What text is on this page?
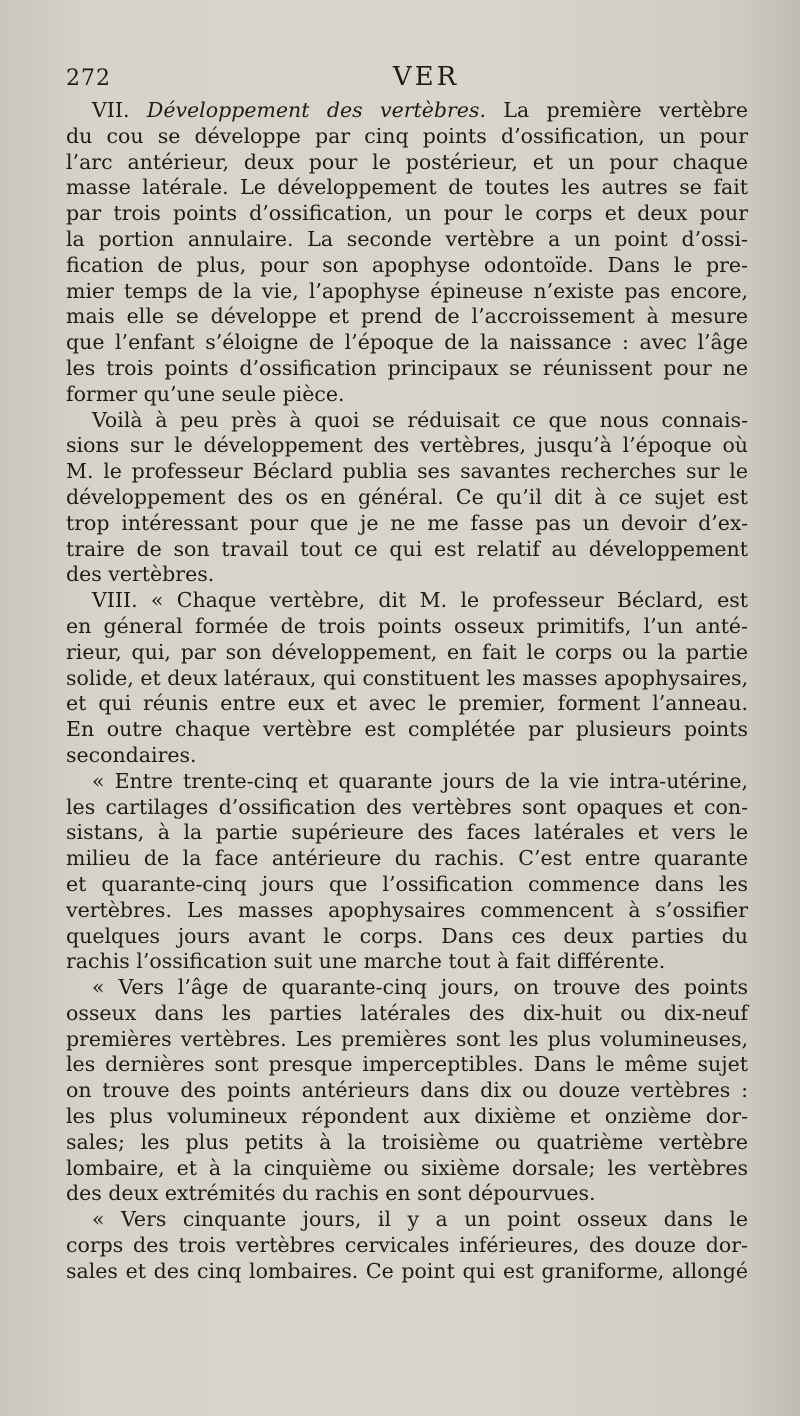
272	VER
VII. Développement des vertèbres. La première vertèbre
du cou se développe par cinq points d’ossification, un pour
l’arc antérieur, deux pour le postérieur, et un pour chaque
masse latérale. Le développement de toutes les autres se fait
par trois points d’ossification, un pour le corps et deux pour
la portion annulaire. La seconde vertèbre a un point d’ossi-
fication de plus, pour son apophyse odontoïde. Dans le pre-
mier temps de la vie, l’apophyse épineuse n’existe pas encore,
mais elle se développe et prend de l’accroissement à mesure
que l’enfant s’éloigne de l’époque de la naissance : avec l’âge
les trois points d’ossification principaux se réunissent pour ne
former qu’une seule pièce.
Voilà à peu près à quoi se réduisait ce que nous connais-
sions sur le développement des vertèbres, jusqu’à l’époque où
M. le professeur Béclard publia ses savantes recherches sur le
développement des os en général. Ce qu’il dit à ce sujet est
trop intéressant pour que je ne me fasse pas un devoir d’ex-
traire de son travail tout ce qui est relatif au développement
des vertèbres.
VIII. « Chaque vertèbre, dit M. le professeur Béclard, est
en géneral formée de trois points osseux primitifs, l’un anté-
rieur, qui, par son développement, en fait le corps ou la partie
solide, et deux latéraux, qui constituent les masses apophysaires,
et qui réunis entre eux et avec le premier, forment l’anneau.
En outre chaque vertèbre est complétée par plusieurs points
secondaires.
« Entre trente-cinq et quarante jours de la vie intra-utérine,
les cartilages d’ossification des vertèbres sont opaques et con-
sistans, à la partie supérieure des faces latérales et vers le
milieu de la face antérieure du rachis. C’est entre quarante
et quarante-cinq jours que l’ossification commence dans les
vertèbres. Les masses apophysaires commencent à s’ossifier
quelques jours avant le corps. Dans ces deux parties du
rachis l’ossification suit une marche tout à fait différente.
« Vers l’âge de quarante-cinq jours, on trouve des points
osseux dans les parties latérales des dix-huit ou dix-neuf
premières vertèbres. Les premières sont les plus volumineuses,
les dernières sont presque imperceptibles. Dans le même sujet
on trouve des points antérieurs dans dix ou douze vertèbres :
les plus volumineux répondent aux dixième et onzième dor-
sales; les plus petits à la troisième ou quatrième vertèbre
lombaire, et à la cinquième ou sixième dorsale; les vertèbres
des deux extrémités du rachis en sont dépourvues.
« Vers cinquante jours, il y a un point osseux dans le
corps des trois vertèbres cervicales inférieures, des douze dor-
sales et des cinq lombaires. Ce point qui est graniforme, allongé
